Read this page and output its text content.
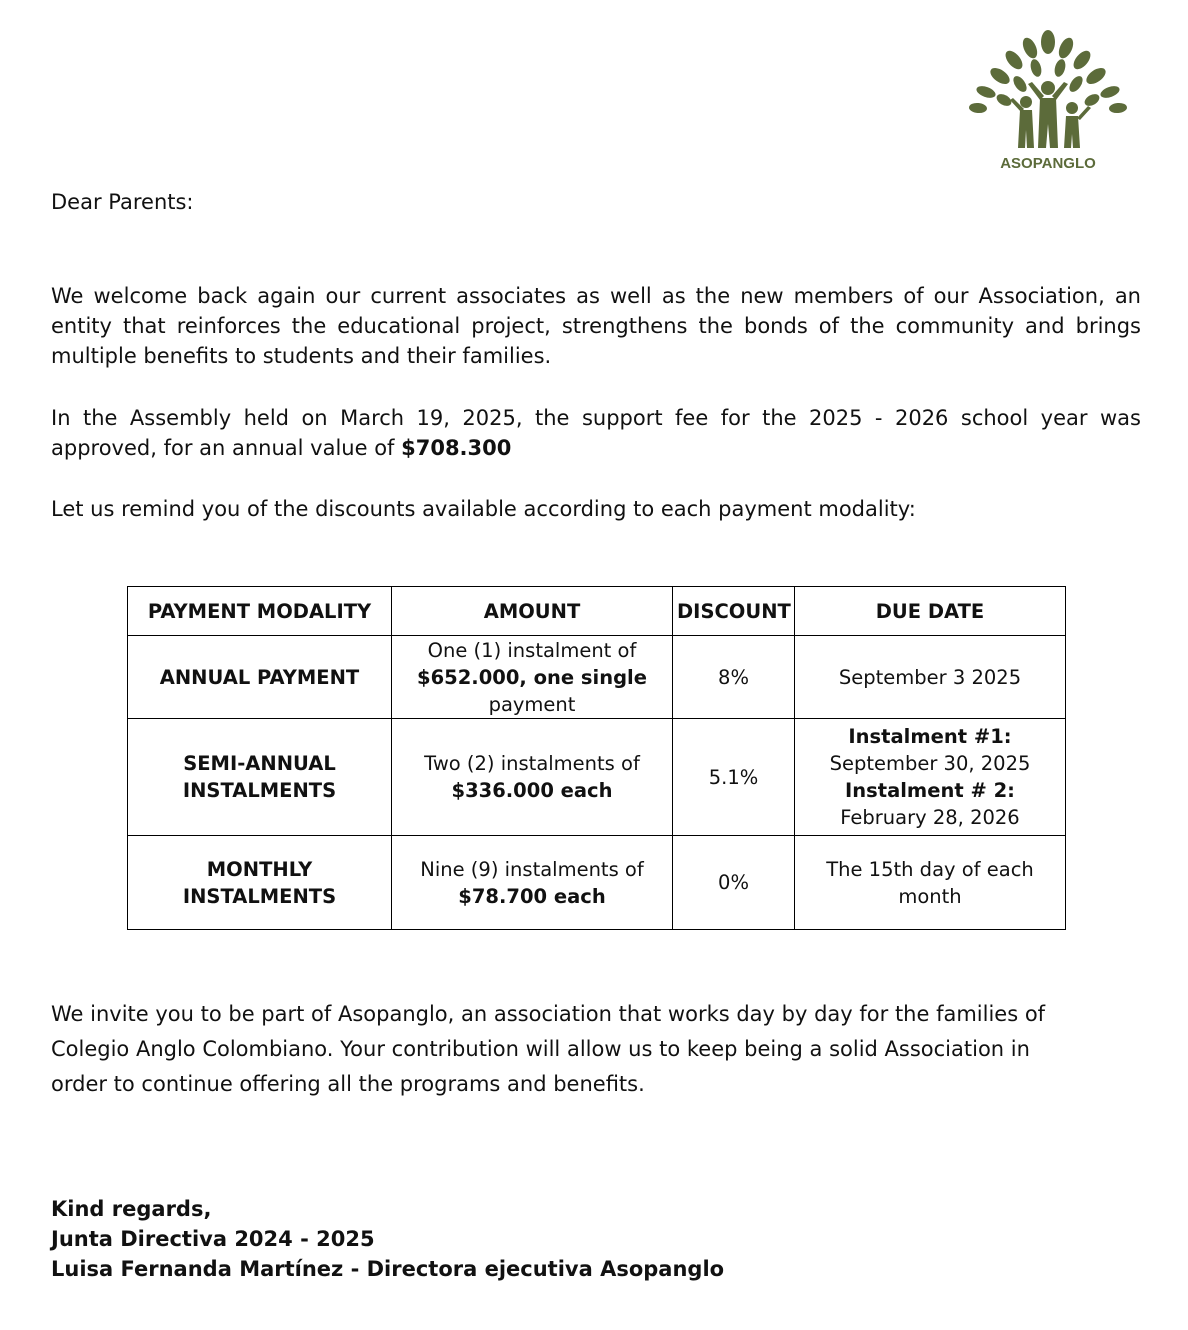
ASOPANGLO
Dear Parents:
We welcome back again our current associates as well as the new members of our Association, an entity that reinforces the educational project, strengthens the bonds of the community and brings multiple benefits to students and their families.
In the Assembly held on March 19, 2025, the support fee for the 2025 - 2026 school year was approved, for an annual value of $708.300
Let us remind you of the discounts available according to each payment modality:
PAYMENT MODALITY	AMOUNT	DISCOUNT	DUE DATE
ANNUAL PAYMENT	One (1) instalment of
$652.000, one single
payment	8%	September 3 2025

SEMI-ANNUAL
INSTALMENTS	Two (2) instalments of
$336.000 each	5.1%	Instalment #1:
September 30, 2025
Instalment # 2:
February 28, 2026

MONTHLY INSTALMENTS	Nine (9) instalments of
$78.700 each	0%	The 15th day of each
month
We invite you to be part of Asopanglo, an association that works day by day for the families of Colegio Anglo Colombiano. Your contribution will allow us to keep being a solid Association in order to continue offering all the programs and benefits.
Kind regards,
Junta Directiva 2024 - 2025
Luisa Fernanda Martínez - Directora ejecutiva Asopanglo
